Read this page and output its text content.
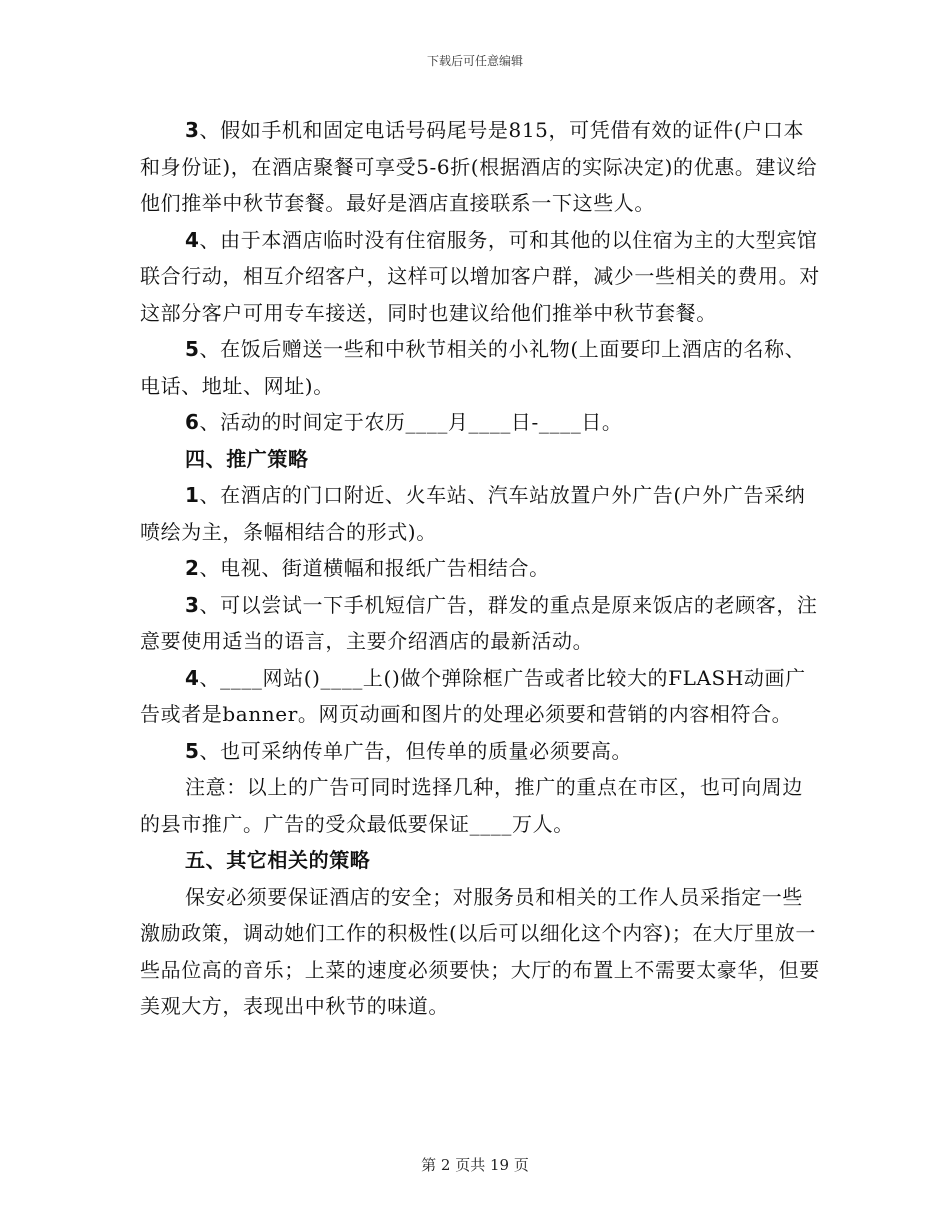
下载后可任意编辑

3、假如手机和固定电话号码尾号是815，可凭借有效的证件(户口本和身份证)，在酒店聚餐可享受5-6折(根据酒店的实际决定)的优惠。建议给他们推举中秋节套餐。最好是酒店直接联系一下这些人。

4、由于本酒店临时没有住宿服务，可和其他的以住宿为主的大型宾馆联合行动，相互介绍客户，这样可以增加客户群，减少一些相关的费用。对这部分客户可用专车接送，同时也建议给他们推举中秋节套餐。

5、在饭后赠送一些和中秋节相关的小礼物(上面要印上酒店的名称、电话、地址、网址)。

6、活动的时间定于农历____月____日-____日。

四、推广策略

1、在酒店的门口附近、火车站、汽车站放置户外广告(户外广告采纳喷绘为主，条幅相结合的形式)。

2、电视、街道横幅和报纸广告相结合。

3、可以尝试一下手机短信广告，群发的重点是原来饭店的老顾客，注意要使用适当的语言，主要介绍酒店的最新活动。

4、____网站()____上()做个弹除框广告或者比较大的FLASH动画广告或者是banner。网页动画和图片的处理必须要和营销的内容相符合。

5、也可采纳传单广告，但传单的质量必须要高。

注意：以上的广告可同时选择几种，推广的重点在市区，也可向周边的县市推广。广告的受众最低要保证____万人。

五、其它相关的策略

保安必须要保证酒店的安全；对服务员和相关的工作人员采指定一些激励政策，调动她们工作的积极性(以后可以细化这个内容)；在大厅里放一些品位高的音乐；上菜的速度必须要快；大厅的布置上不需要太豪华，但要美观大方，表现出中秋节的味道。

第 2 页共 19 页
